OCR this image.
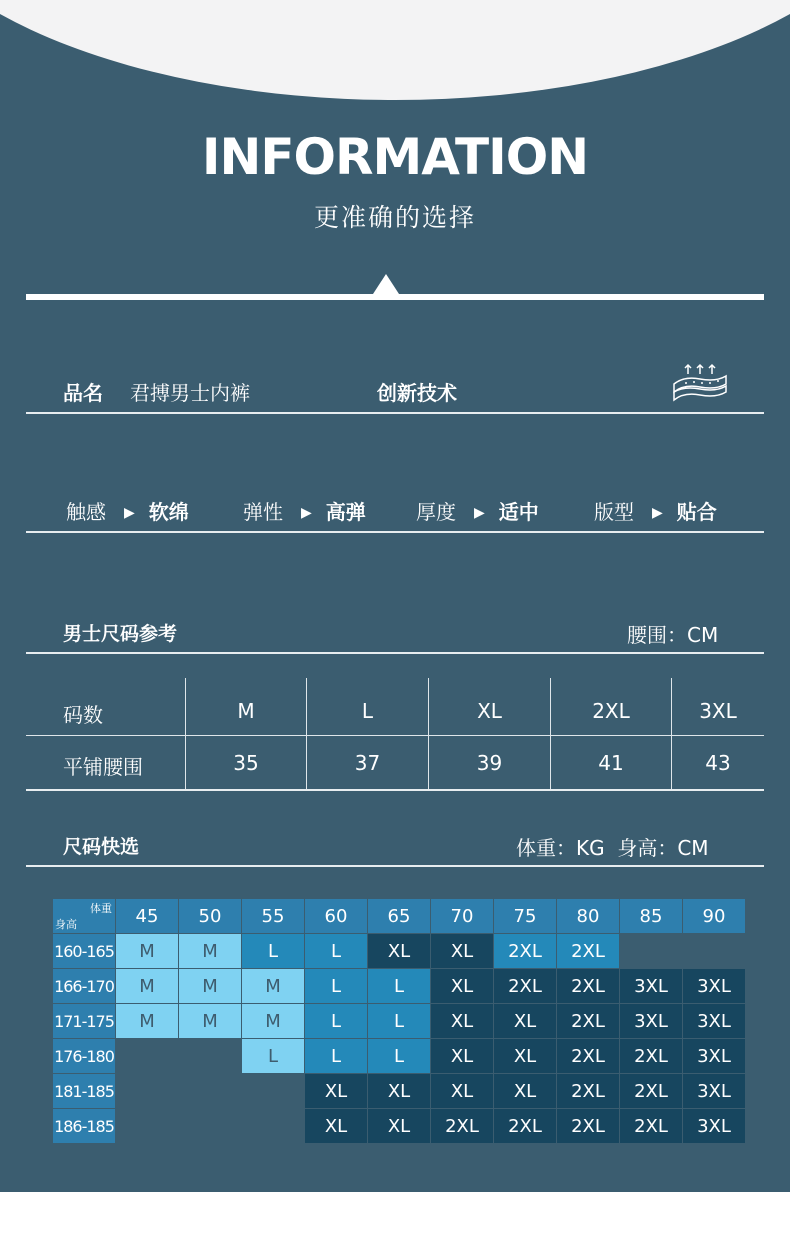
INFORMATION
更准确的选择
品名 君搏男士内裤	创新技术
触感 ▶ 软绵	弹性 ▶ 高弹	厚度 ▶ 适中	版型 ▶ 贴合
男士尺码参考	腰围：CM
码数	M	L	XL	2XL	3XL
平铺腰围	35	37	39	41	43
尺码快选	体重：KG  身高：CM
体重
身高	45	50	55	60	65	70	75	80	85	90
160-165	M	M	L	L	XL	XL	2XL	2XL		
166-170	M	M	M	L	L	XL	2XL	2XL	3XL	3XL
171-175	M	M	M	L	L	XL	XL	2XL	3XL	3XL
176-180			L	L	L	XL	XL	2XL	2XL	3XL
181-185				XL	XL	XL	XL	2XL	2XL	3XL
186-185				XL	XL	2XL	2XL	2XL	2XL	3XL
